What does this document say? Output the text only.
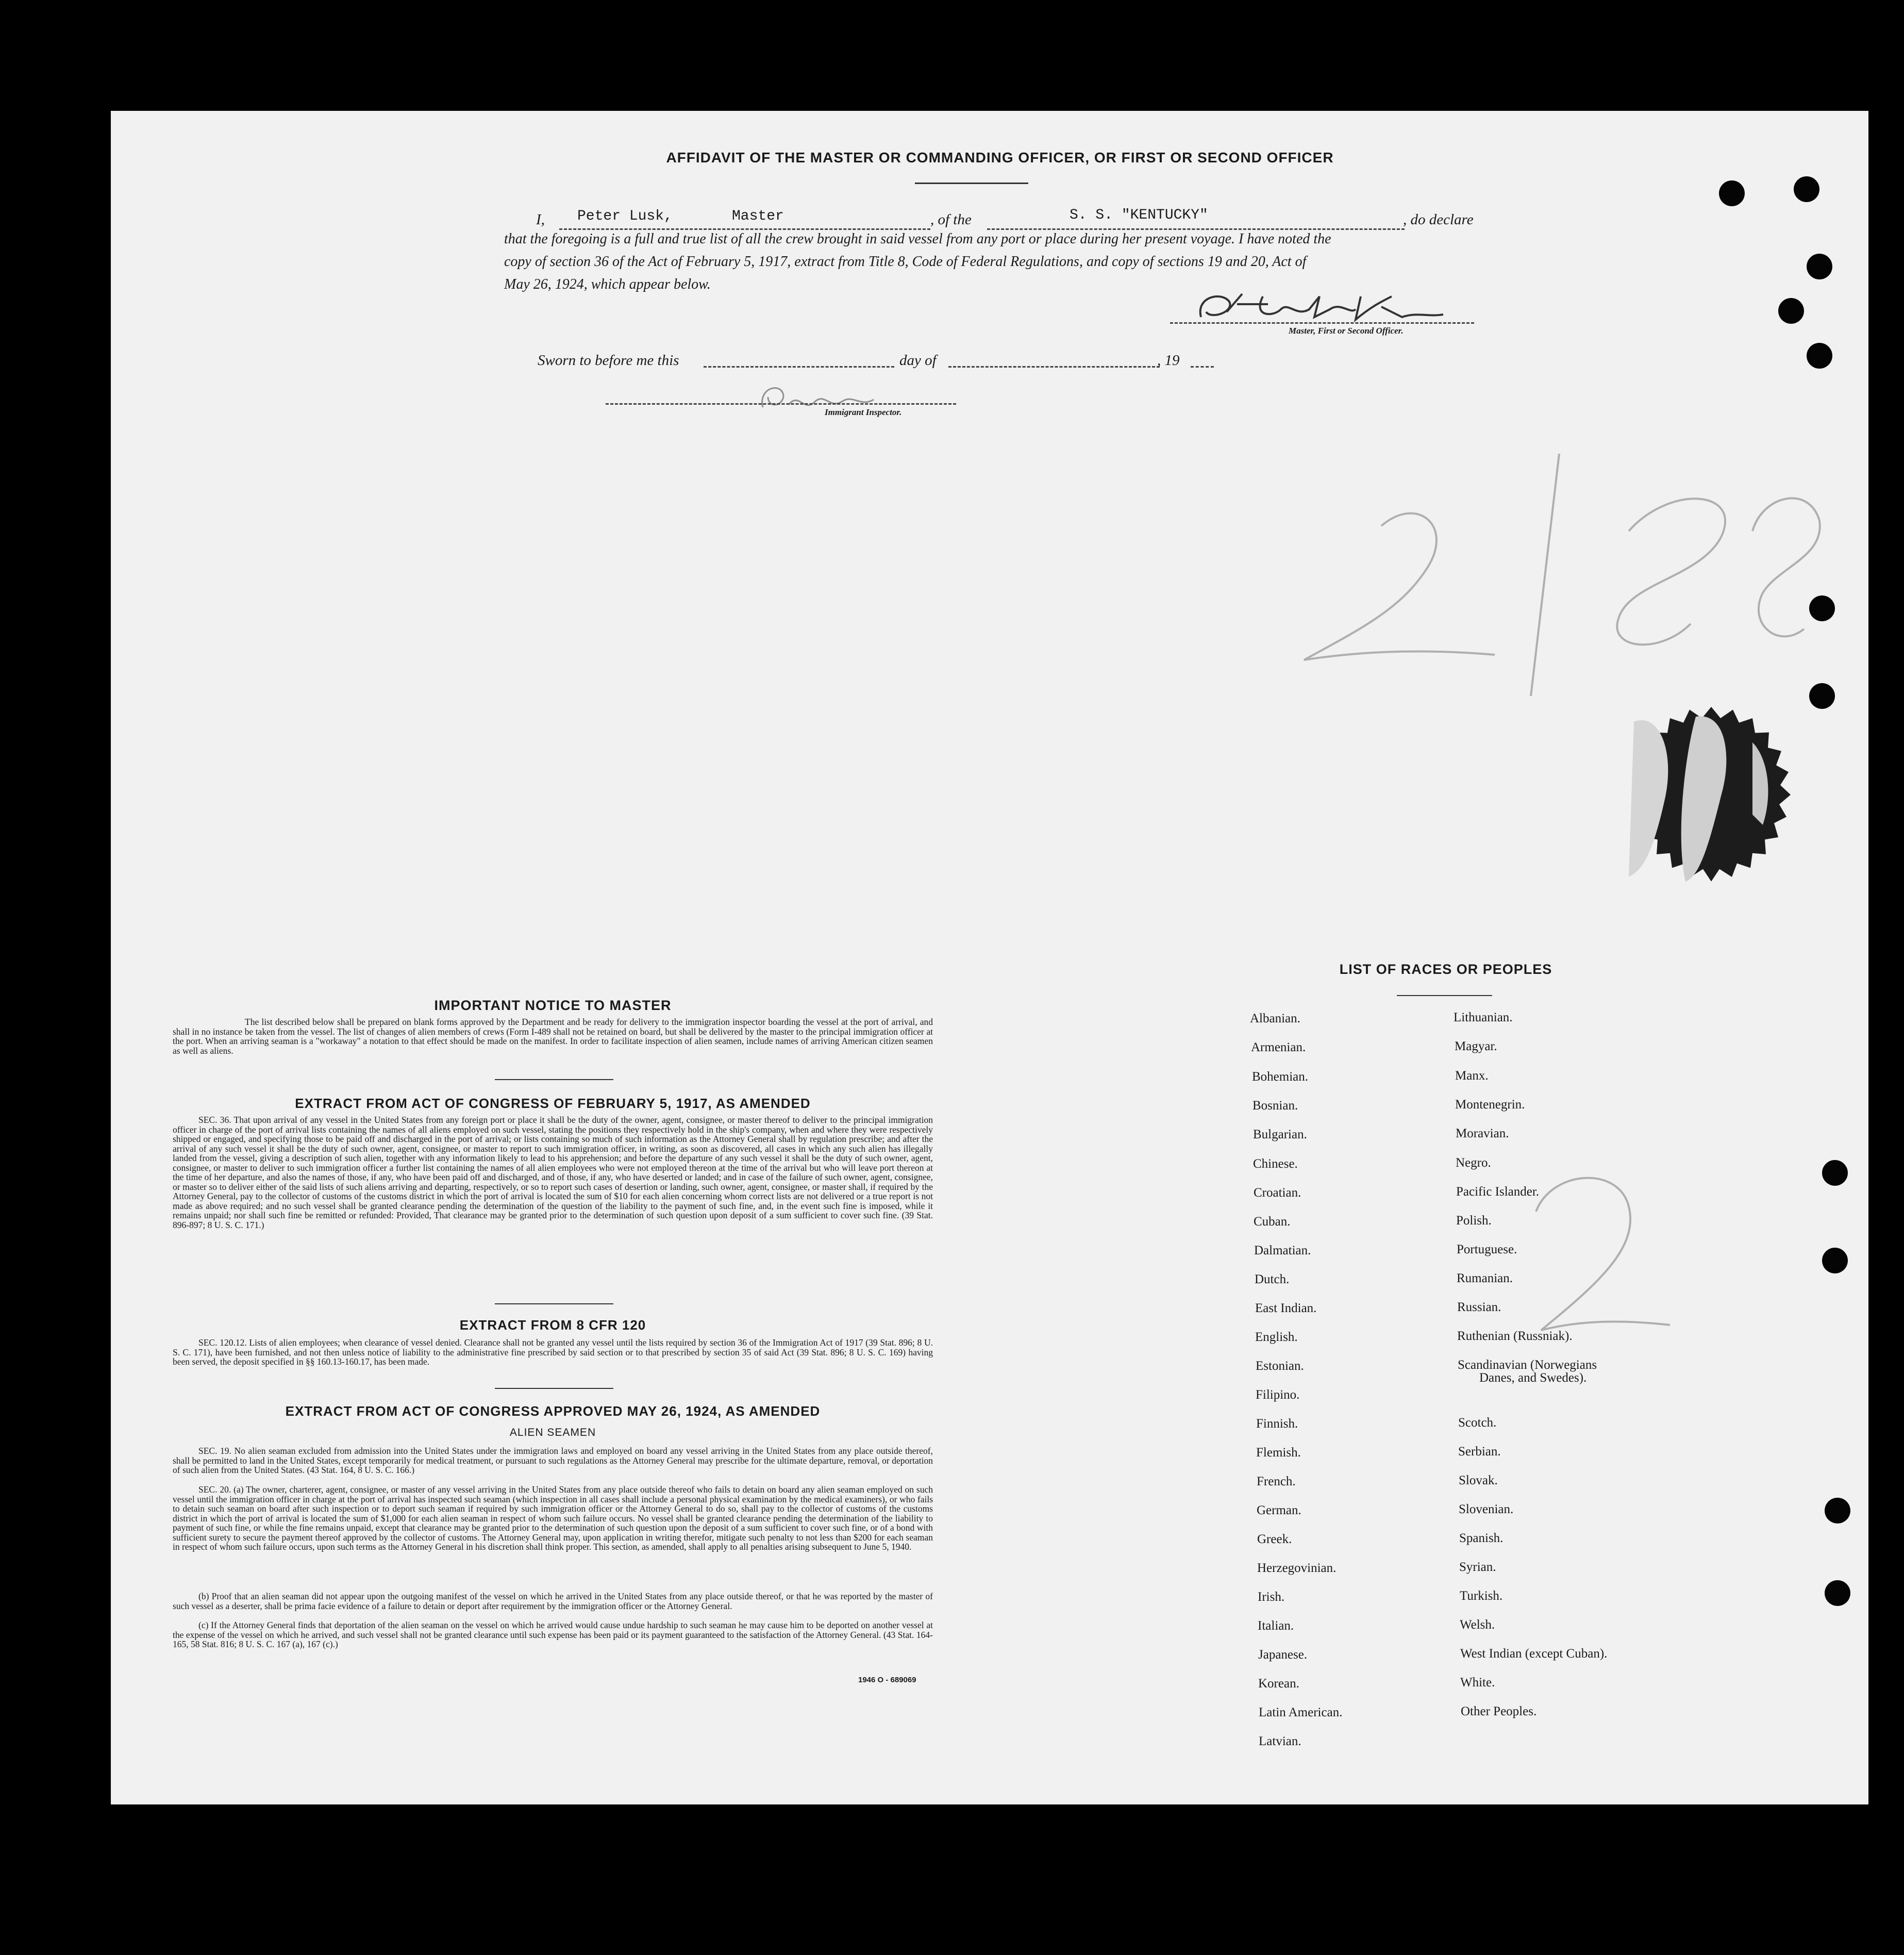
AFFIDAVIT OF THE MASTER OR COMMANDING OFFICER, OR FIRST OR SECOND OFFICER
I, Peter Lusk,	Master	, of the	S. S. "KENTUCKY"	, do declare
that the foregoing is a full and true list of all the crew brought in said vessel from any port or place during her present voyage. I have noted the
copy of section 36 of the Act of February 5, 1917, extract from Title 8, Code of Federal Regulations, and copy of sections 19 and 20, Act of
May 26, 1924, which appear below.
Master, First or Second Officer.
Sworn to before me this	day of	, 19
Immigrant Inspector.
IMPORTANT NOTICE TO MASTER
The list described below shall be prepared on blank forms approved by the Department and be ready for delivery to the immigration inspector boarding the vessel at the port of arrival, and shall in no instance be taken from the vessel. The list of changes of alien members of crews (Form I-489 shall not be retained on board, but shall be delivered by the master to the principal immigration officer at the port. When an arriving seaman is a "workaway" a notation to that effect should be made on the manifest. In order to facilitate inspection of alien seamen, include names of arriving American citizen seamen as well as aliens.
EXTRACT FROM ACT OF CONGRESS OF FEBRUARY 5, 1917, AS AMENDED
SEC. 36. That upon arrival of any vessel in the United States from any foreign port or place it shall be the duty of the owner, agent, consignee, or master thereof to deliver to the principal immigration officer in charge of the port of arrival lists containing the names of all aliens employed on such vessel, stating the positions they respectively hold in the ship's company, when and where they were respectively shipped or engaged, and specifying those to be paid off and discharged in the port of arrival; or lists containing so much of such information as the Attorney General shall by regulation prescribe; and after the arrival of any such vessel it shall be the duty of such owner, agent, consignee, or master to report to such immigration officer, in writing, as soon as discovered, all cases in which any such alien has illegally landed from the vessel, giving a description of such alien, together with any information likely to lead to his apprehension; and before the departure of any such vessel it shall be the duty of such owner, agent, consignee, or master to deliver to such immigration officer a further list containing the names of all alien employees who were not employed thereon at the time of the arrival but who will leave port thereon at the time of her departure, and also the names of those, if any, who have been paid off and discharged, and of those, if any, who have deserted or landed; and in case of the failure of such owner, agent, consignee, or master so to deliver either of the said lists of such aliens arriving and departing, respectively, or so to report such cases of desertion or landing, such owner, agent, consignee, or master shall, if required by the Attorney General, pay to the collector of customs of the customs district in which the port of arrival is located the sum of $10 for each alien concerning whom correct lists are not delivered or a true report is not made as above required; and no such vessel shall be granted clearance pending the determination of the question of the liability to the payment of such fine, and, in the event such fine is imposed, while it remains unpaid; nor shall such fine be remitted or refunded: Provided, That clearance may be granted prior to the determination of such question upon deposit of a sum sufficient to cover such fine. (39 Stat. 896-897; 8 U. S. C. 171.)
EXTRACT FROM 8 CFR 120
SEC. 120.12. Lists of alien employees; when clearance of vessel denied. Clearance shall not be granted any vessel until the lists required by section 36 of the Immigration Act of 1917 (39 Stat. 896; 8 U. S. C. 171), have been furnished, and not then unless notice of liability to the administrative fine prescribed by said section or to that prescribed by section 35 of said Act (39 Stat. 896; 8 U. S. C. 169) having been served, the deposit specified in §§ 160.13-160.17, has been made.
EXTRACT FROM ACT OF CONGRESS APPROVED MAY 26, 1924, AS AMENDED
ALIEN SEAMEN
SEC. 19. No alien seaman excluded from admission into the United States under the immigration laws and employed on board any vessel arriving in the United States from any place outside thereof, shall be permitted to land in the United States, except temporarily for medical treatment, or pursuant to such regulations as the Attorney General may prescribe for the ultimate departure, removal, or deportation of such alien from the United States. (43 Stat. 164, 8 U. S. C. 166.)
SEC. 20. (a) The owner, charterer, agent, consignee, or master of any vessel arriving in the United States from any place outside thereof who fails to detain on board any alien seaman employed on such vessel until the immigration officer in charge at the port of arrival has inspected such seaman (which inspection in all cases shall include a personal physical examination by the medical examiners), or who fails to detain such seaman on board after such inspection or to deport such seaman if required by such immigration officer or the Attorney General to do so, shall pay to the collector of customs of the customs district in which the port of arrival is located the sum of $1,000 for each alien seaman in respect of whom such failure occurs. No vessel shall be granted clearance pending the determination of the liability to payment of such fine, or while the fine remains unpaid, except that clearance may be granted prior to the determination of such question upon the deposit of a sum sufficient to cover such fine, or of a bond with sufficient surety to secure the payment thereof approved by the collector of customs. The Attorney General may, upon application in writing therefor, mitigate such penalty to not less than $200 for each seaman in respect of whom such failure occurs, upon such terms as the Attorney General in his discretion shall think proper. This section, as amended, shall apply to all penalties arising subsequent to June 5, 1940.
(b) Proof that an alien seaman did not appear upon the outgoing manifest of the vessel on which he arrived in the United States from any place outside thereof, or that he was reported by the master of such vessel as a deserter, shall be prima facie evidence of a failure to detain or deport after requirement by the immigration officer or the Attorney General.
(c) If the Attorney General finds that deportation of the alien seaman on the vessel on which he arrived would cause undue hardship to such seaman he may cause him to be deported on another vessel at the expense of the vessel on which he arrived, and such vessel shall not be granted clearance until such expense has been paid or its payment guaranteed to the satisfaction of the Attorney General. (43 Stat. 164-165, 58 Stat. 816; 8 U. S. C. 167 (a), 167 (c).)
1946 O - 689069
LIST OF RACES OR PEOPLES
Albanian.
Armenian.
Bohemian.
Bosnian.
Bulgarian.
Chinese.
Croatian.
Cuban.
Dalmatian.
Dutch.
East Indian.
English.
Estonian.
Filipino.
Finnish.
Flemish.
French.
German.
Greek.
Herzegovinian.
Irish.
Italian.
Japanese.
Korean.
Latin American.
Latvian.
Lithuanian.
Magyar.
Manx.
Montenegrin.
Moravian.
Negro.
Pacific Islander.
Polish.
Portuguese.
Rumanian.
Russian.
Ruthenian (Russniak).
Scandinavian (Norwegians
Danes, and Swedes).
Scotch.
Serbian.
Slovak.
Slovenian.
Spanish.
Syrian.
Turkish.
Welsh.
West Indian (except Cuban).
White.
Other Peoples.
